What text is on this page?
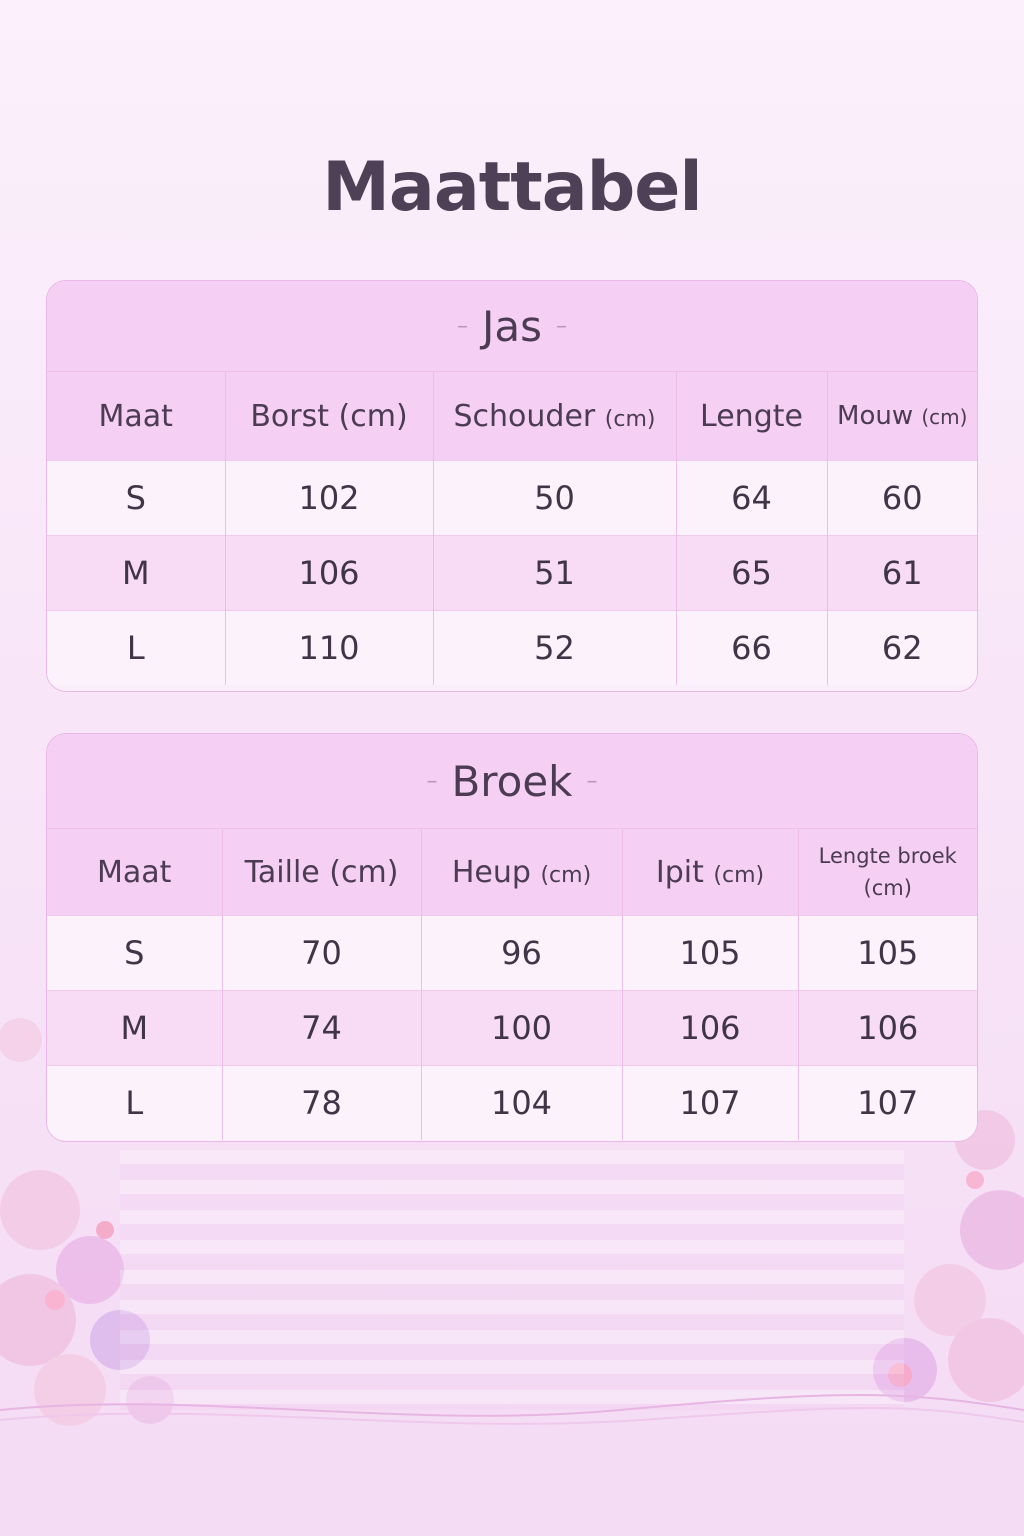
Maattabel
– Jas –
Maat	Borst (cm)	Schouder (cm)	Lengte	Mouw (cm)
S	102	50	64	60
M	106	51	65	61
L	110	52	66	62
– Broek –
Maat	Taille (cm)	Heup (cm)	Ipit (cm)	Lengte broek
(cm)
S	70	96	105	105
M	74	100	106	106
L	78	104	107	107
